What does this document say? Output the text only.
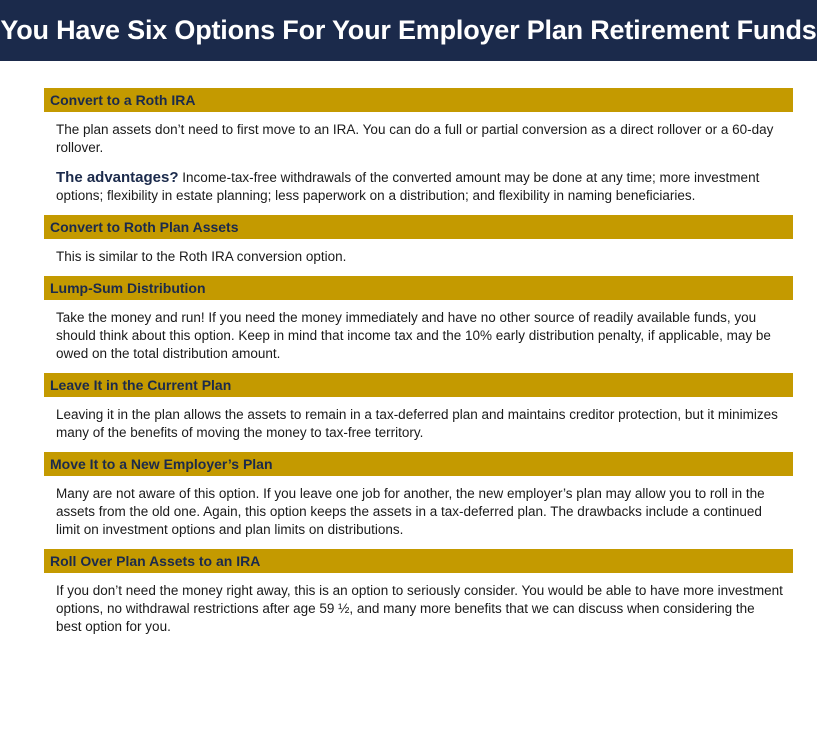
You Have Six Options For Your Employer Plan Retirement Funds
Convert to a Roth IRA

The plan assets don’t need to first move to an IRA. You can do a full or partial conversion as a direct rollover or a 60-day rollover.

The advantages? Income-tax-free withdrawals of the converted amount may be done at any time; more investment options; flexibility in estate planning; less paperwork on a distribution; and flexibility in naming beneficiaries.

Convert to Roth Plan Assets

This is similar to the Roth IRA conversion option.

Lump-Sum Distribution

Take the money and run! If you need the money immediately and have no other source of readily available funds, you should think about this option. Keep in mind that income tax and the 10% early distribution penalty, if applicable, may be owed on the total distribution amount.

Leave It in the Current Plan

Leaving it in the plan allows the assets to remain in a tax-deferred plan and maintains creditor protection, but it minimizes many of the benefits of moving the money to tax-free territory.

Move It to a New Employer’s Plan

Many are not aware of this option. If you leave one job for another, the new employer’s plan may allow you to roll in the assets from the old one. Again, this option keeps the assets in a tax-deferred plan. The drawbacks include a continued limit on investment options and plan limits on distributions.

Roll Over Plan Assets to an IRA

If you don’t need the money right away, this is an option to seriously consider. You would be able to have more investment options, no withdrawal restrictions after age 59 ½, and many more benefits that we can discuss when considering the best option for you.
